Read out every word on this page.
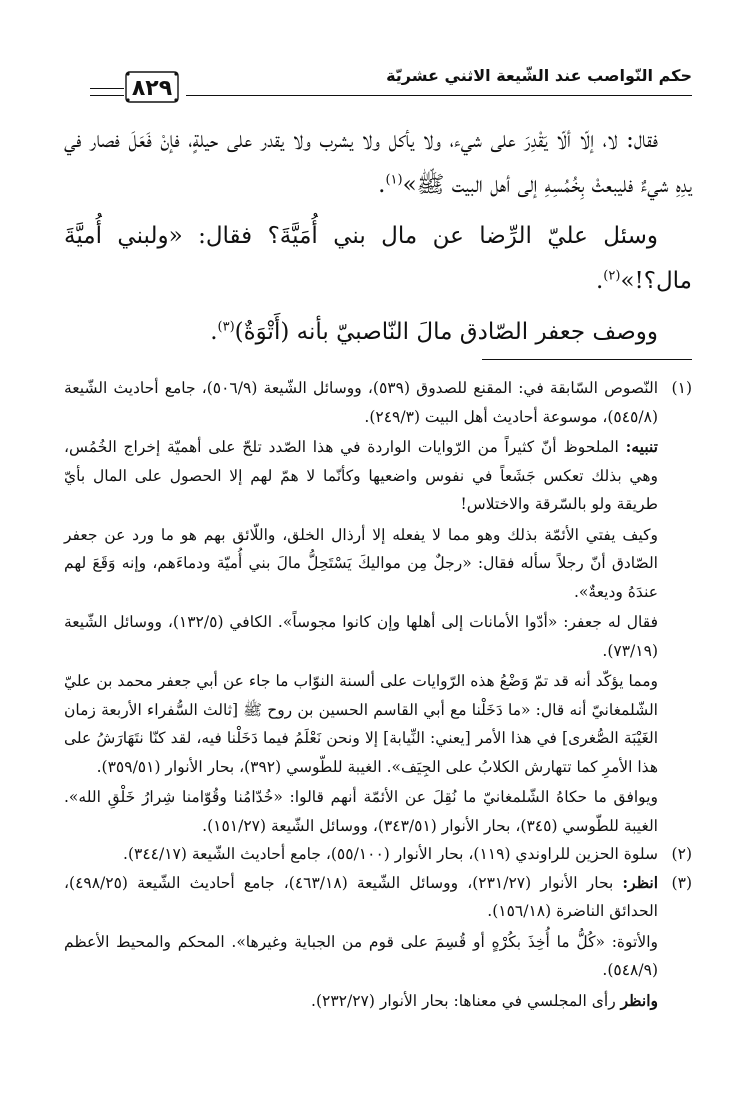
حكم النّواصب عند الشّيعة الاثني عشريّة
٨٢٩

فقال: لا، إلّا ألّا يَقْدِرَ على شيء، ولا يأكل ولا يشرب ولا يقدر على حيلةٍ، فإنْ فَعَلَ فصار في يدِهِ شيءٌ فليبعثْ بِخُمُسِهِ إلى أهل البيت ﷺ»$^{(١)}$.

وسئل عليّ الرِّضا عن مال بني أُمَيَّةَ؟ فقال: «ولبني أُميَّةَ مال؟!»$^{(٢)}$.

ووصف جعفر الصّادق مالَ النّاصبيّ بأنه (أَتْوَةٌ)$^{(٣)}$.

(١)

النّصوص السّابقة في: المقنع للصدوق (٥٣٩)، ووسائل الشّيعة (٥٠٦/٩)، جامع أحاديث الشّيعة (٥٤٥/٨)، موسوعة أحاديث أهل البيت (٢٤٩/٣).

تنبيه: الملحوظ أنّ كثيراً من الرّوايات الواردة في هذا الصّدد تلحّ على أهميّة إخراج الخُمُس، وهي بذلك تعكس جَشَعاً في نفوس واضعيها وكأنّما لا همّ لهم إلا الحصول على المال بأيّ طريقة ولو بالسّرقة والاختلاس!

وكيف يفتي الأئمّة بذلك وهو مما لا يفعله إلا أرذال الخلق، واللّائق بهم هو ما ورد عن جعفر الصّادق أنّ رجلاً سأله فقال: «رجلٌ مِن مواليكَ يَسْتَحِلُّ مالَ بني أُميّة ودماءَهم، وإنه وَقَعَ لهم عندَهُ وديعةٌ».

فقال له جعفر: «أدّوا الأمانات إلى أهلها وإن كانوا مجوساً». الكافي (١٣٢/٥)، ووسائل الشّيعة (٧٣/١٩).

ومما يؤكّد أنه قد تمّ وَضْعُ هذه الرّوايات على ألسنة النوّاب ما جاء عن أبي جعفر محمد بن عليّ الشّلمغانيّ أنه قال: «ما دَخَلْنا مع أبي القاسم الحسين بن روح ﷺ [ثالث السُّفراء الأربعة زمان الغَيْبَة الصُّغرى] في هذا الأمر [يعني: النِّيابة] إلا ونحن نَعْلَمُ فيما دَخَلْنا فيه، لقد كنّا نتَهَارَشُ على هذا الأمرِ كما تتهارش الكلابُ على الجِيَف». الغيبة للطّوسي (٣٩٢)، بحار الأنوار (٣٥٩/٥١).

ويوافق ما حكاهُ الشّلمغانيّ ما نُقِلَ عن الأئمّة أنهم قالوا: «خُدّامُنا وقُوّامنا شِرارُ خَلْقِ الله». الغيبة للطّوسي (٣٤٥)، بحار الأنوار (٣٤٣/٥١)، ووسائل الشّيعة (١٥١/٢٧).

(٢)

سلوة الحزين للراوندي (١١٩)، بحار الأنوار (٥٥/١٠٠)، جامع أحاديث الشّيعة (٣٤٤/١٧).

(٣)

انظر: بحار الأنوار (٢٣١/٢٧)، ووسائل الشّيعة (٤٦٣/١٨)، جامع أحاديث الشّيعة (٤٩٨/٢٥)، الحدائق الناضرة (١٥٦/١٨).

والأتوة: «كُلُّ ما أُخِذَ بكُرْهٍ أو قُسِمَ على قوم من الجباية وغيرها». المحكم والمحيط الأعظم (٥٤٨/٩).

وانظر رأى المجلسي في معناها: بحار الأنوار (٢٣٢/٢٧).
